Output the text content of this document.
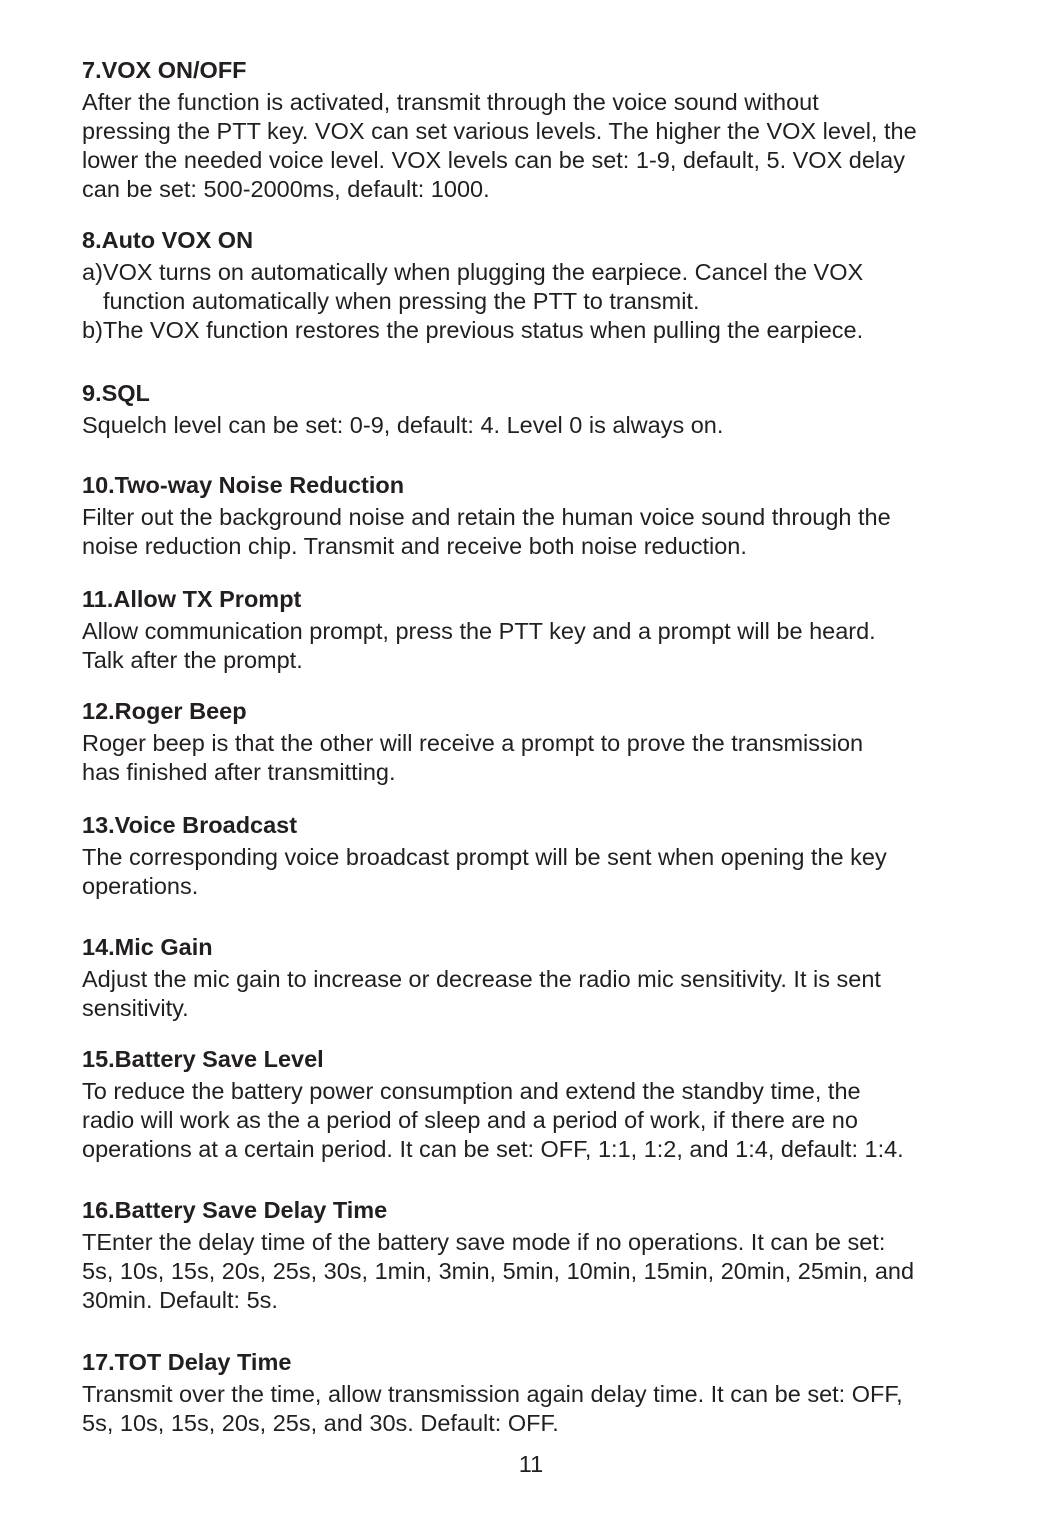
7.VOX ON/OFF

After the function is activated, transmit through the voice sound without

pressing the PTT key. VOX can set various levels. The higher the VOX level, the

lower the needed voice level. VOX levels can be set: 1-9, default, 5. VOX delay

can be set: 500-2000ms, default: 1000.

8.Auto VOX ON

a)VOX turns on automatically when plugging the earpiece. Cancel the VOX

function automatically when pressing the PTT to transmit.

b)The VOX function restores the previous status when pulling the earpiece.

9.SQL

Squelch level can be set: 0-9, default: 4. Level 0 is always on.

10.Two-way Noise Reduction

Filter out the background noise and retain the human voice sound through the

noise reduction chip. Transmit and receive both noise reduction.

11.Allow TX Prompt

Allow communication prompt, press the PTT key and a prompt will be heard.

Talk after the prompt.

12.Roger Beep

Roger beep is that the other will receive a prompt to prove the transmission

has finished after transmitting.

13.Voice Broadcast

The corresponding voice broadcast prompt will be sent when opening the key

operations.

14.Mic Gain

Adjust the mic gain to increase or decrease the radio mic sensitivity. It is sent

sensitivity.

15.Battery Save Level

To reduce the battery power consumption and extend the standby time, the

radio will work as the a period of sleep and a period of work, if there are no

operations at a certain period. It can be set: OFF, 1:1, 1:2, and 1:4, default: 1:4.

16.Battery Save Delay Time

TEnter the delay time of the battery save mode if no operations. It can be set:

5s, 10s, 15s, 20s, 25s, 30s, 1min, 3min, 5min, 10min, 15min, 20min, 25min, and

30min. Default: 5s.

17.TOT Delay Time

Transmit over the time, allow transmission again delay time. It can be set: OFF,

5s, 10s, 15s, 20s, 25s, and 30s. Default: OFF.

11
